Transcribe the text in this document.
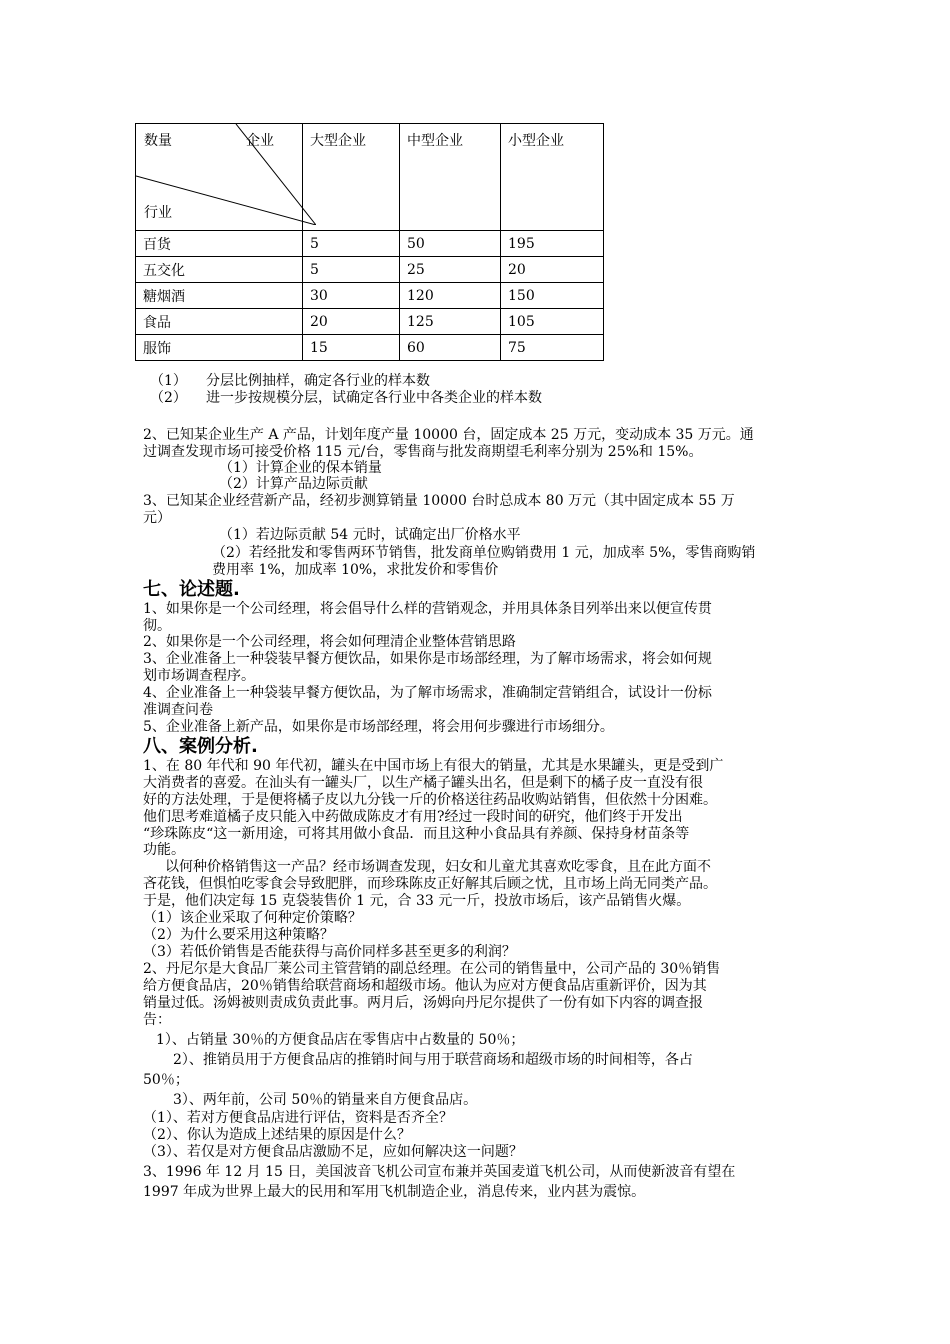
数量 企业
行业	大型企业	中型企业	小型企业
百货	5	50	195
五交化	5	25	20
糖烟酒	30	120	150
食品	20	125	105
服饰	15	60	75
（1） 分层比例抽样，确定各行业的样本数
（2） 进一步按规模分层，试确定各行业中各类企业的样本数
2、已知某企业生产 A 产品，计划年度产量 10000 台，固定成本 25 万元，变动成本 35 万元。通
过调查发现市场可接受价格 115 元/台，零售商与批发商期望毛利率分别为 25%和 15%。
（1）计算企业的保本销量
（2）计算产品边际贡献
3、已知某企业经营新产品，经初步测算销量 10000 台时总成本 80 万元（其中固定成本 55 万
元）
（1）若边际贡献 54 元时，试确定出厂价格水平
（2）若经批发和零售两环节销售，批发商单位购销费用 1 元，加成率 5%，零售商购销
费用率 1%，加成率 10%，求批发价和零售价
七、论述题.
1、如果你是一个公司经理，将会倡导什么样的营销观念，并用具体条目列举出来以便宣传贯
彻。
2、如果你是一个公司经理，将会如何理清企业整体营销思路
3、企业准备上一种袋装早餐方便饮品，如果你是市场部经理，为了解市场需求，将会如何规
划市场调查程序。
4、企业准备上一种袋装早餐方便饮品，为了解市场需求，准确制定营销组合，试设计一份标
准调查问卷
5、企业准备上新产品，如果你是市场部经理，将会用何步骤进行市场细分。
八、案例分析.
1、在 80 年代和 90 年代初，罐头在中国市场上有很大的销量，尤其是水果罐头，更是受到广
大消费者的喜爱。在汕头有一罐头厂，以生产橘子罐头出名，但是剩下的橘子皮一直没有很
好的方法处理，于是便将橘子皮以九分钱一斤的价格送往药品收购站销售，但依然十分困难。
他们思考难道橘子皮只能入中药做成陈皮才有用?经过一段时间的研究，他们终于开发出
“珍珠陈皮“这一新用途，可将其用做小食品．而且这种小食品具有养颜、保持身材苗条等
功能。
以何种价格销售这一产品？经市场调查发现，妇女和儿童尤其喜欢吃零食，且在此方面不
吝花钱，但惧怕吃零食会导致肥胖，而珍珠陈皮正好解其后顾之忧，且市场上尚无同类产品。
于是，他们决定每 15 克袋装售价 1 元，合 33 元一斤，投放市场后，该产品销售火爆。
（1）该企业采取了何种定价策略？
（2）为什么要采用这种策略？
（3）若低价销售是否能获得与高价同样多甚至更多的利润？
2、丹尼尔是大食品厂莱公司主管营销的副总经理。在公司的销售量中，公司产品的 30％销售
给方便食品店，20％销售给联营商场和超级市场。他认为应对方便食品店重新评价，因为其
销量过低。汤姆被则责成负责此事。两月后，汤姆向丹尼尔提供了一份有如下内容的调查报
告：
1）、占销量 30％的方便食品店在零售店中占数量的 50％；
2）、推销员用于方便食品店的推销时间与用于联营商场和超级市场的时间相等，各占
50％；
3）、两年前，公司 50％的销量来自方便食品店。
（1）、若对方便食品店进行评估，资料是否齐全？
（2）、你认为造成上述结果的原因是什么？
（3）、若仅是对方便食品店激励不足，应如何解决这一问题？
3、1996 年 12 月 15 日，美国波音飞机公司宣布兼并英国麦道飞机公司，从而使新波音有望在
1997 年成为世界上最大的民用和军用飞机制造企业，消息传来，业内甚为震惊。
